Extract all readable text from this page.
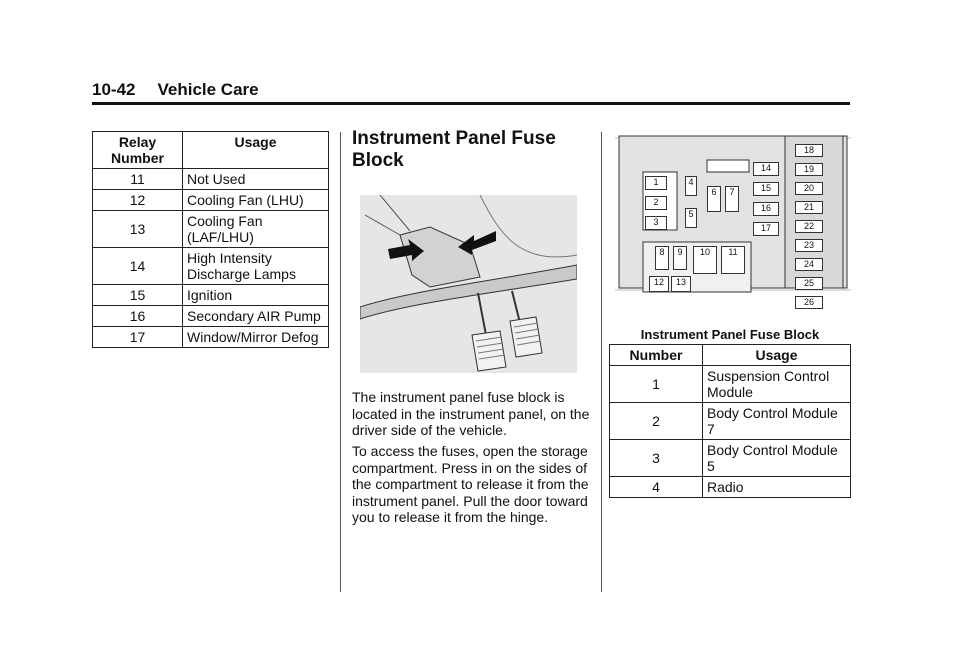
10-42 Vehicle Care
Relay Number	Usage
11	Not Used
12	Cooling Fan (LHU)
13	Cooling Fan (LAF/LHU)
14	High Intensity Discharge Lamps
15	Ignition
16	Secondary AIR Pump
17	Window/Mirror Defog
Instrument Panel Fuse Block

The instrument panel fuse block is located in the instrument panel, on the driver side of the vehicle.

To access the fuses, open the storage compartment. Press in on the sides of the compartment to release it from the instrument panel. Pull the door toward you to release it from the hinge.

1
2
3
4
5
6	7
8	9	10	11
12	13
14
15
16
17
18
19
20
21
22
23
24
25
26
Instrument Panel Fuse Block
Number	Usage
1	Suspension Control Module
2	Body Control Module 7
3	Body Control Module 5
4	Radio
